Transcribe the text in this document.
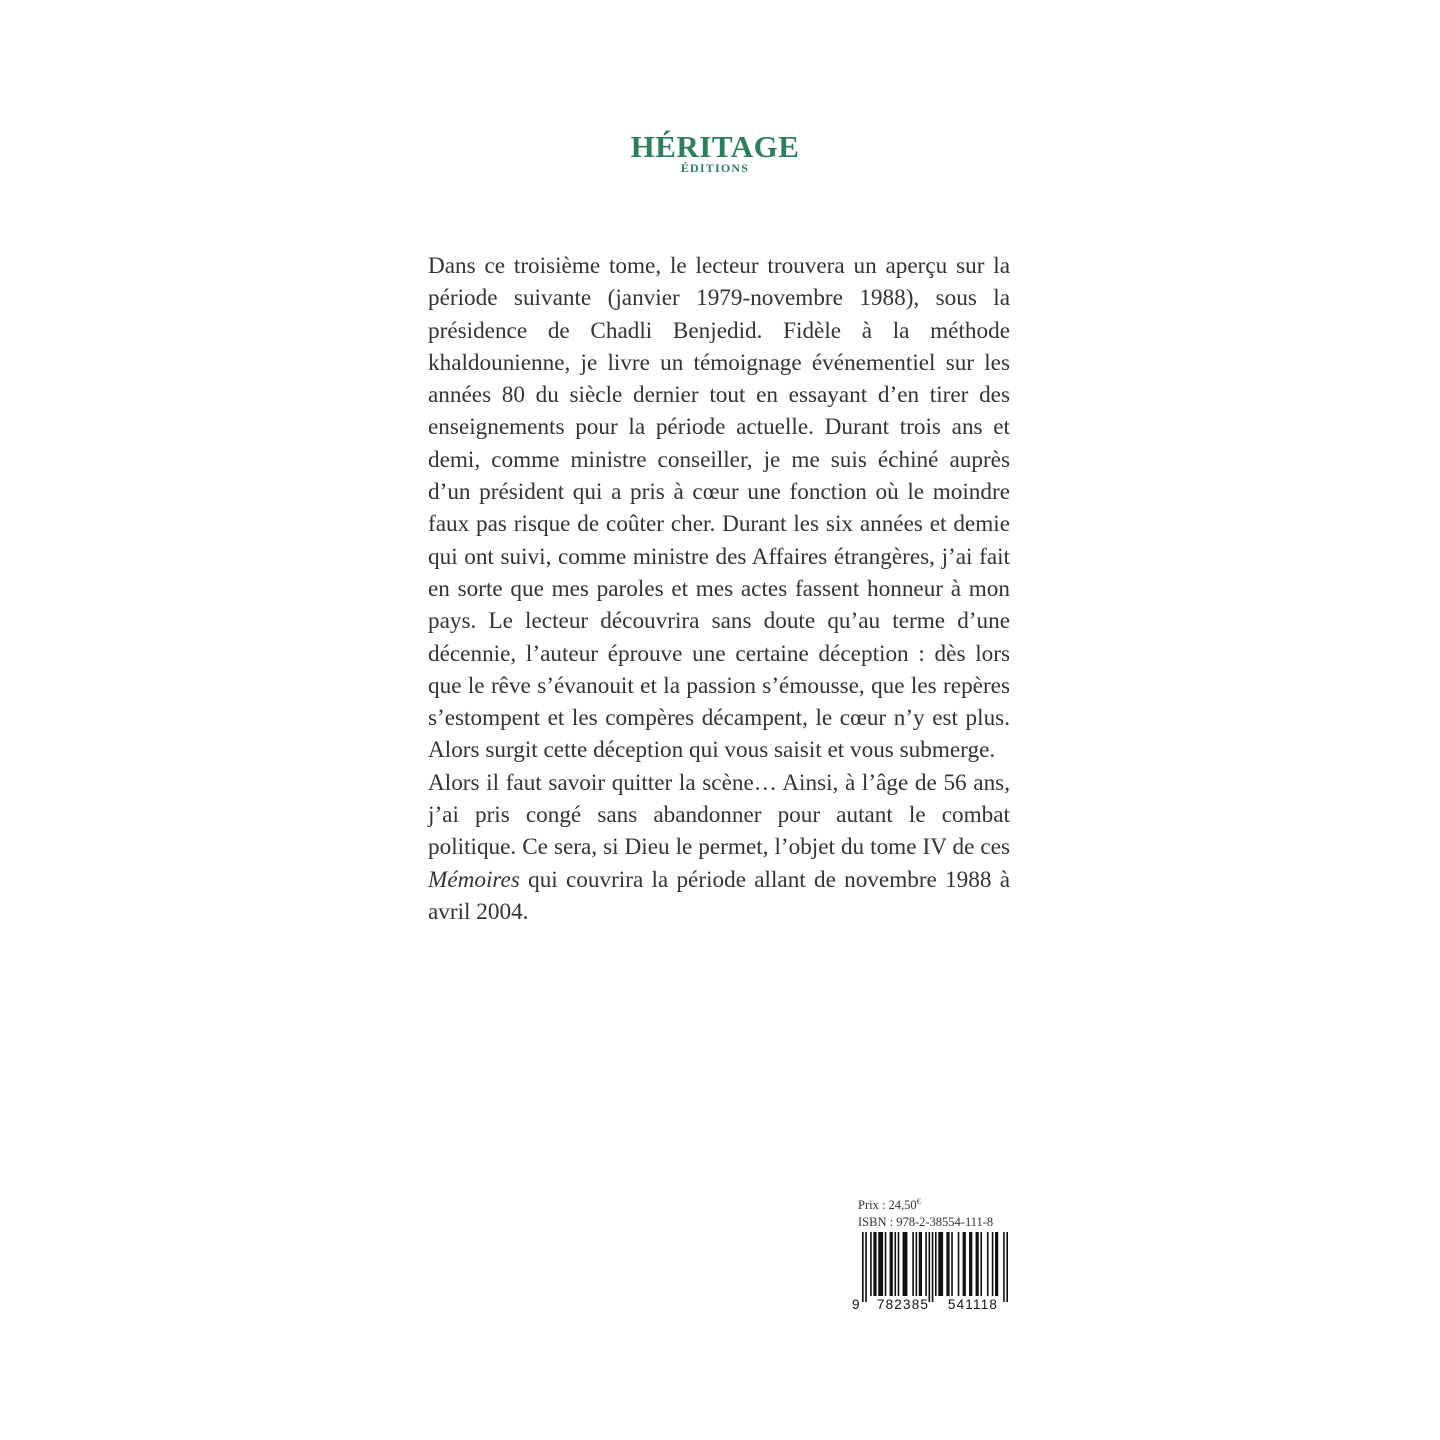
HÉRITAGE
ÉDITIONS

Dans ce troisième tome, le lecteur trouvera un aperçu sur la période suivante (janvier 1979-novembre 1988), sous la présidence de Chadli Benjedid. Fidèle à la méthode khaldounienne, je livre un témoignage événementiel sur les années 80 du siècle dernier tout en essayant d’en tirer des enseignements pour la période actuelle. Durant trois ans et demi, comme ministre conseiller, je me suis échiné auprès d’un président qui a pris à cœur une fonction où le moindre faux pas risque de coûter cher. Durant les six années et demie qui ont suivi, comme ministre des Affaires étrangères, j’ai fait en sorte que mes paroles et mes actes fassent honneur à mon pays. Le lecteur découvrira sans doute qu’au terme d’une décennie, l’auteur éprouve une certaine déception : dès lors que le rêve s’évanouit et la passion s’émousse, que les repères s’estompent et les compères décampent, le cœur n’y est plus. Alors surgit cette déception qui vous saisit et vous submerge.

Alors il faut savoir quitter la scène… Ainsi, à l’âge de 56 ans, j’ai pris congé sans abandonner pour autant le combat politique. Ce sera, si Dieu le permet, l’objet du tome IV de ces Mémoires qui couvrira la période allant de novembre 1988 à avril 2004.

Prix : 24,50€
ISBN : 978-2-38554-111-8
9 782385 541118
